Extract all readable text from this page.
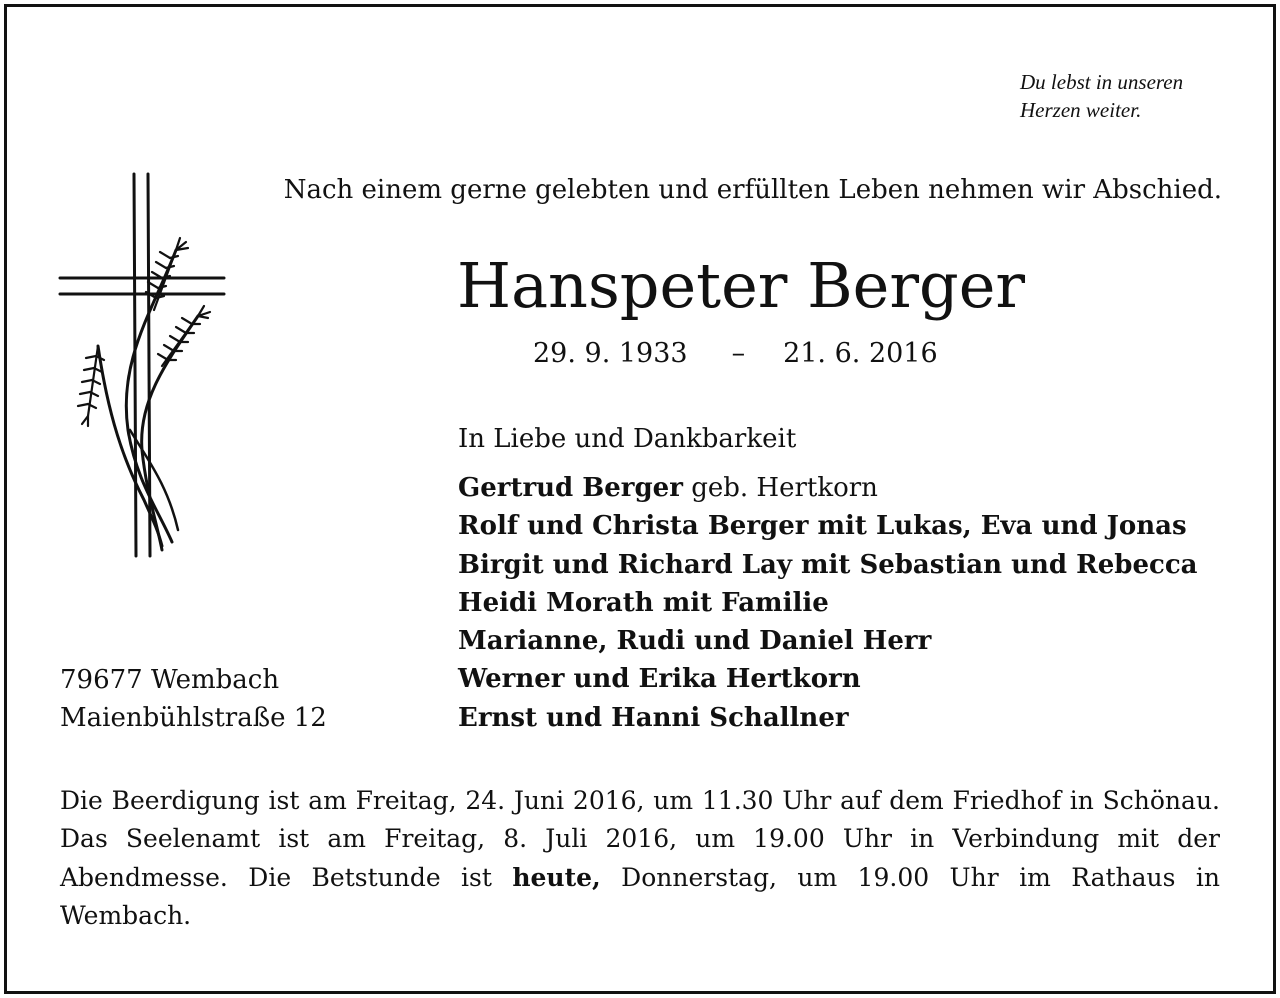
Du lebst in unseren
Herzen weiter.
Nach einem gerne gelebten und erfüllten Leben nehmen wir Abschied.
Hanspeter Berger
29. 9. 1933 – 21. 6. 2016
In Liebe und Dankbarkeit
Gertrud Berger geb. Hertkorn
Rolf und Christa Berger mit Lukas, Eva und Jonas
Birgit und Richard Lay mit Sebastian und Rebecca
Heidi Morath mit Familie
Marianne, Rudi und Daniel Herr
Werner und Erika Hertkorn
Ernst und Hanni Schallner
79677 Wembach
Maienbühlstraße 12
Die Beerdigung ist am Freitag, 24. Juni 2016, um 11.30 Uhr auf dem Friedhof in Schönau. Das Seelenamt ist am Freitag, 8. Juli 2016, um 19.00 Uhr in Verbindung mit der Abendmesse. Die Betstunde ist heute, Donnerstag, um 19.00 Uhr im Rathaus in Wembach.
